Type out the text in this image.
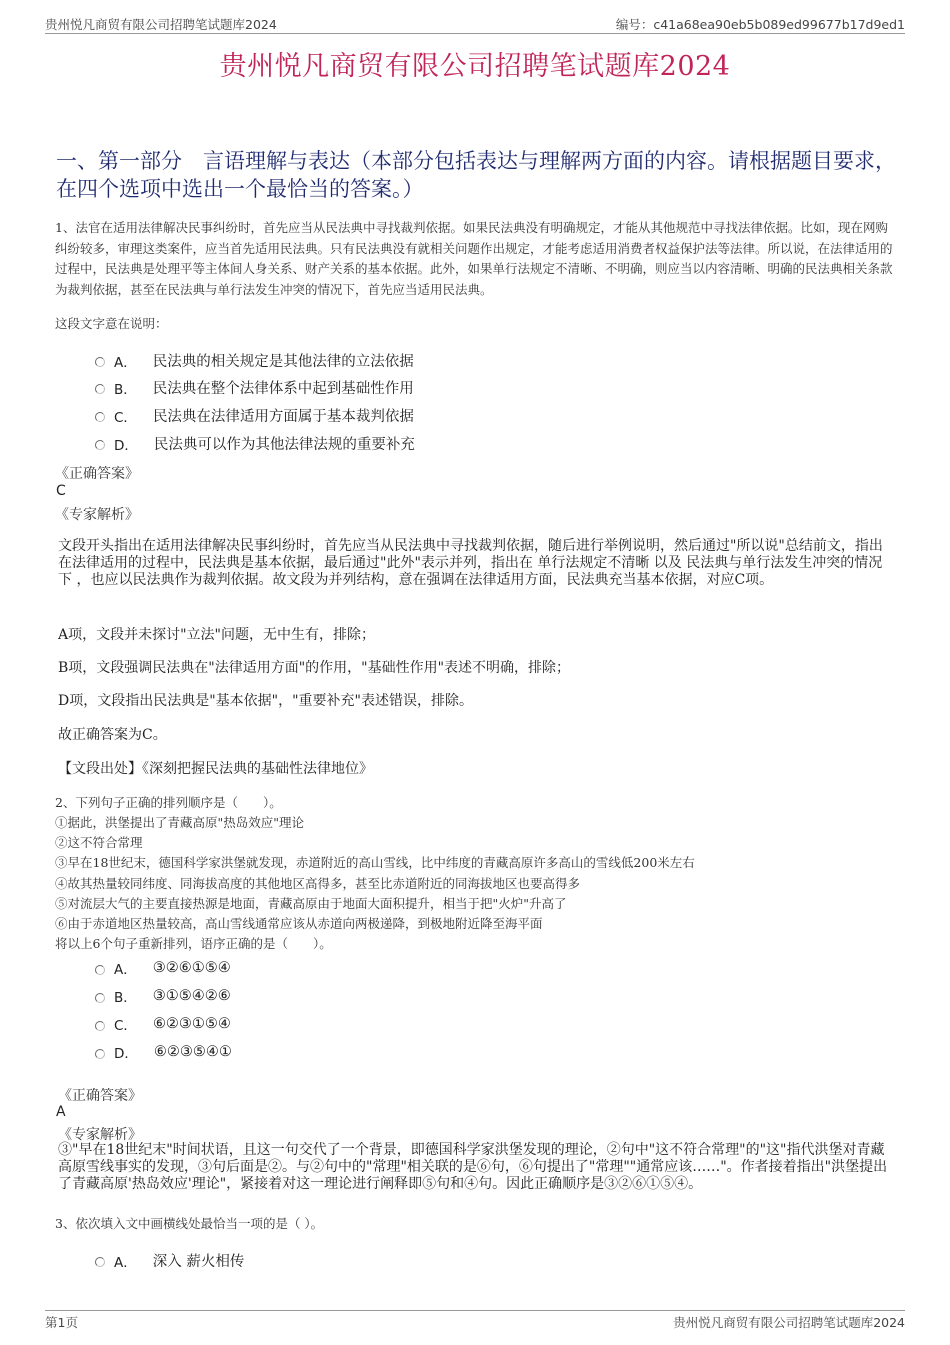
贵州悦凡商贸有限公司招聘笔试题库2024	编号：c41a68ea90eb5b089ed99677b17d9ed1
贵州悦凡商贸有限公司招聘笔试题库2024
一、第一部分　言语理解与表达（本部分包括表达与理解两方面的内容。请根据题目要求，在四个选项中选出一个最恰当的答案。）
1、法官在适用法律解决民事纠纷时，首先应当从民法典中寻找裁判依据。如果民法典没有明确规定，才能从其他规范中寻找法律依据。比如，现在网购纠纷较多，审理这类案件，应当首先适用民法典。只有民法典没有就相关问题作出规定，才能考虑适用消费者权益保护法等法律。所以说，在法律适用的过程中，民法典是处理平等主体间人身关系、财产关系的基本依据。此外，如果单行法规定不清晰、不明确，则应当以内容清晰、明确的民法典相关条款为裁判依据，甚至在民法典与单行法发生冲突的情况下，首先应当适用民法典。
这段文字意在说明：
A． 民法典的相关规定是其他法律的立法依据
B． 民法典在整个法律体系中起到基础性作用
C． 民法典在法律适用方面属于基本裁判依据
D． 民法典可以作为其他法律法规的重要补充
《正确答案》
C
《专家解析》
文段开头指出在适用法律解决民事纠纷时，首先应当从民法典中寻找裁判依据，随后进行举例说明，然后通过"所以说"总结前文，指出在法律适用的过程中，民法典是基本依据，最后通过"此外"表示并列，指出在 单行法规定不清晰 以及 民法典与单行法发生冲突的情况下 ，也应以民法典作为裁判依据。故文段为并列结构，意在强调在法律适用方面，民法典充当基本依据，对应C项。
A项，文段并未探讨"立法"问题，无中生有，排除；
B项，文段强调民法典在"法律适用方面"的作用，"基础性作用"表述不明确，排除；
D项，文段指出民法典是"基本依据"，"重要补充"表述错误，排除。
故正确答案为C。
【文段出处】《深刻把握民法典的基础性法律地位》
2、下列句子正确的排列顺序是（　　）。
①据此，洪堡提出了青藏高原"热岛效应"理论
②这不符合常理
③早在18世纪末，德国科学家洪堡就发现，赤道附近的高山雪线，比中纬度的青藏高原许多高山的雪线低200米左右
④故其热量较同纬度、同海拔高度的其他地区高得多，甚至比赤道附近的同海拔地区也要高得多
⑤对流层大气的主要直接热源是地面，青藏高原由于地面大面积提升，相当于把"火炉"升高了
⑥由于赤道地区热量较高，高山雪线通常应该从赤道向两极递降，到极地附近降至海平面
将以上6个句子重新排列，语序正确的是（　　）。
A． ③②⑥①⑤④
B． ③①⑤④②⑥
C． ⑥②③①⑤④
D． ⑥②③⑤④①
《正确答案》
A
《专家解析》
③"早在18世纪末"时间状语，且这一句交代了一个背景，即德国科学家洪堡发现的理论，②句中"这不符合常理"的"这"指代洪堡对青藏高原雪线事实的发现，③句后面是②。与②句中的"常理"相关联的是⑥句，⑥句提出了"常理""通常应该……"。作者接着指出"洪堡提出了青藏高原'热岛效应'理论"，紧接着对这一理论进行阐释即⑤句和④句。因此正确顺序是③②⑥①⑤④。
3、依次填入文中画横线处最恰当一项的是（ ）。
A． 深入 薪火相传
第1页	贵州悦凡商贸有限公司招聘笔试题库2024
